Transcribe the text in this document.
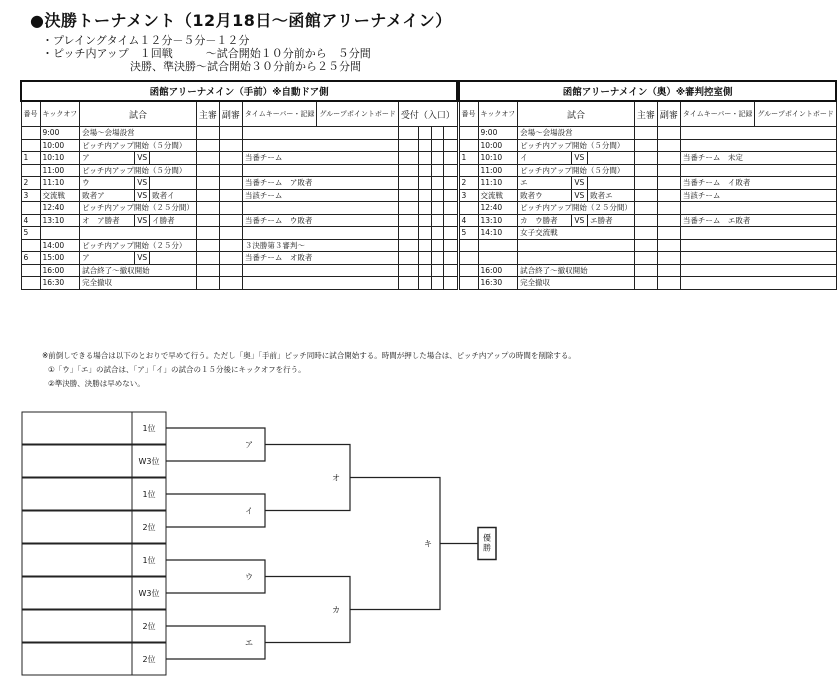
●決勝トーナメント（12月18日～函館アリーナメイン）
・プレイングタイム１２分－５分－１２分
・ピッチ内アップ　１回戦　　　～試合開始１０分前から　５分間
　　　　　　　　決勝、準決勝～試合開始３０分前から２５分間
函館アリーナメイン（手前）※自動ドア側												
番号	キックオフ	試合			主審	副審	タイムキーパー・記録	グループポイントボード	受付（入口）			
	9:00	会場～会場設営										
	10:00	ピッチ内アップ開始（５分間）										
1	10:10	ア	VS				当番チーム					
	11:00	ピッチ内アップ開始（５分間）										
2	11:10	ウ	VS				当番チーム　ア敗者					
3	交流戦	敗者ア	VS	敗者イ			当該チーム					
	12:40	ピッチ内アップ開始（２５分間）										
4	13:10	オ　ア勝者	VS	イ勝者			当番チーム　ウ敗者					
5												
	14:00	ピッチ内アップ開始（２５分）					３決勝第３審判～					
6	15:00	ア	VS				当番チーム　オ敗者					
	16:00	試合終了～撤収開始										
	16:30	完全撤収										
函館アリーナメイン（奥）※審判控室側								
番号	キックオフ	試合			主審	副審	タイムキーパー・記録	グループポイントボード
	9:00	会場～会場設営						
	10:00	ピッチ内アップ開始（５分間）						
1	10:10	イ	VS				当番チーム　未定	
	11:00	ピッチ内アップ開始（５分間）						
2	11:10	エ	VS				当番チーム　イ敗者	
3	交流戦	敗者ウ	VS	敗者エ			当該チーム	
	12:40	ピッチ内アップ開始（２５分間）						
4	13:10	カ　ウ勝者	VS	エ勝者			当番チーム　エ敗者	
5	14:10	女子交流戦						

	16:00	試合終了～撤収開始						
	16:30	完全撤収						
※前倒しできる場合は以下のとおりで早めて行う。ただし「奥」「手前」ピッチ同時に試合開始する。時間が押した場合は、ピッチ内アップの時間を削除する。
①「ウ」「エ」の試合は、「ア」「イ」の試合の１５分後にキックオフを行う。
②準決勝、決勝は早めない。
1位
W3位
1位
2位
1位
W3位
2位
2位
ア
イ
ウ
エ
オ
カ
キ
優勝
